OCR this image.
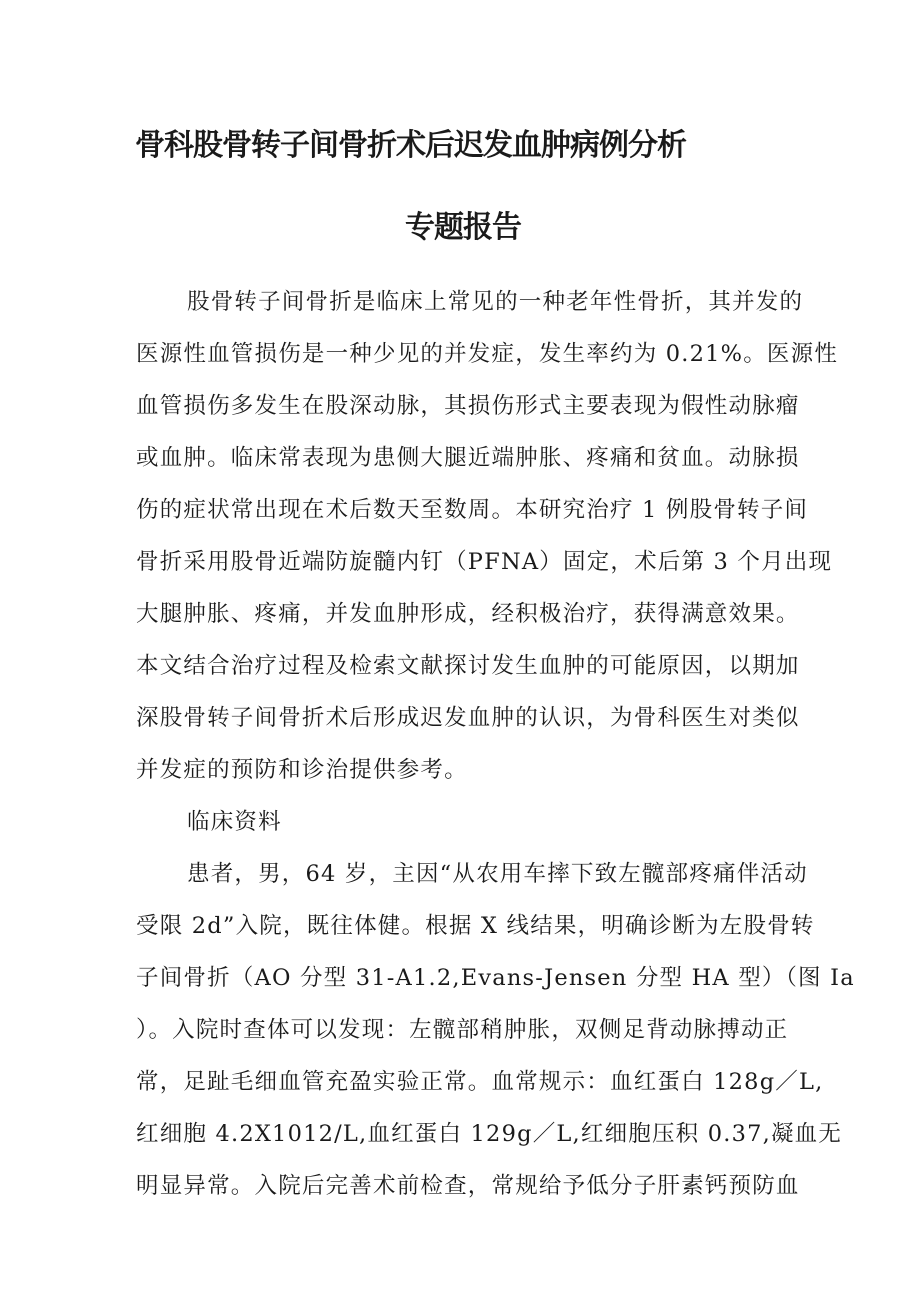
骨科股骨转子间骨折术后迟发血肿病例分析
专题报告
股骨转子间骨折是临床上常见的一种老年性骨折，其并发的
医源性血管损伤是一种少见的并发症，发生率约为 0.21%。医源性
血管损伤多发生在股深动脉，其损伤形式主要表现为假性动脉瘤
或血肿。临床常表现为患侧大腿近端肿胀、疼痛和贫血。动脉损
伤的症状常出现在术后数天至数周。本研究治疗 1 例股骨转子间
骨折采用股骨近端防旋髓内钉（PFNA）固定，术后第 3 个月出现
大腿肿胀、疼痛，并发血肿形成，经积极治疗，获得满意效果。
本文结合治疗过程及检索文献探讨发生血肿的可能原因，以期加
深股骨转子间骨折术后形成迟发血肿的认识，为骨科医生对类似
并发症的预防和诊治提供参考。
临床资料
患者，男，64 岁，主因“从农用车摔下致左髋部疼痛伴活动
受限 2d”入院，既往体健。根据 X 线结果，明确诊断为左股骨转
子间骨折（AO 分型 31-A1.2,Evans-Jensen 分型 HA 型）（图 Ia
）。入院时查体可以发现：左髋部稍肿胀，双侧足背动脉搏动正
常，足趾毛细血管充盈实验正常。血常规示：血红蛋白 128g／L,
红细胞 4.2X1012/L,血红蛋白 129g／L,红细胞压积 0.37,凝血无
明显异常。入院后完善术前检查，常规给予低分子肝素钙预防血
